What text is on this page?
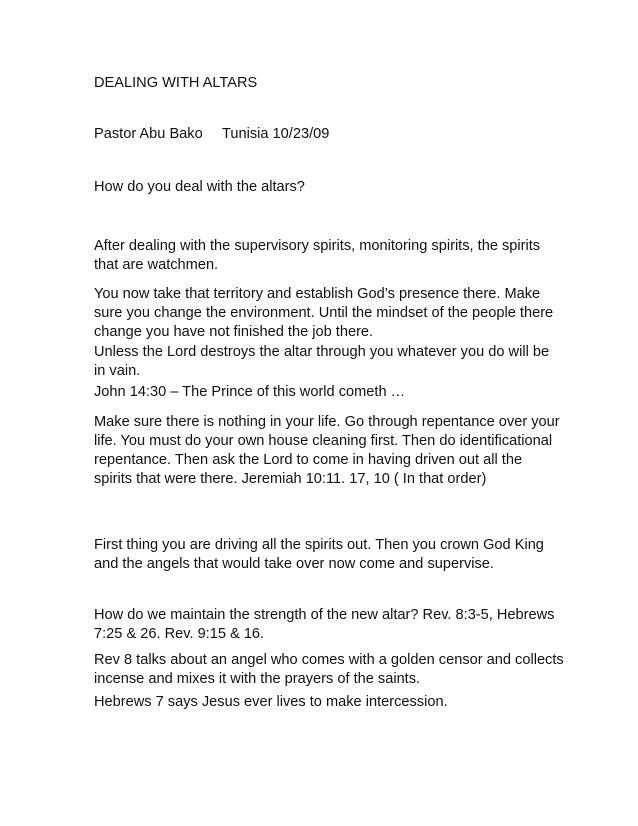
DEALING WITH ALTARS

Pastor Abu Bako Tunisia 10/23/09

How do you deal with the altars?

After dealing with the supervisory spirits, monitoring spirits, the spirits that are watchmen.

You now take that territory and establish God’s presence there. Make sure you change the environment. Until the mindset of the people there change you have not finished the job there.

Unless the Lord destroys the altar through you whatever you do will be in vain.

John 14:30 – The Prince of this world cometh …

Make sure there is nothing in your life. Go through repentance over your life. You must do your own house cleaning first. Then do identificational repentance. Then ask the Lord to come in having driven out all the spirits that were there. Jeremiah 10:11. 17, 10 ( In that order)

First thing you are driving all the spirits out. Then you crown God King and the angels that would take over now come and supervise.

How do we maintain the strength of the new altar? Rev. 8:3-5, Hebrews 7:25 & 26. Rev. 9:15 & 16.

Rev 8 talks about an angel who comes with a golden censor and collects incense and mixes it with the prayers of the saints.

Hebrews 7 says Jesus ever lives to make intercession.
